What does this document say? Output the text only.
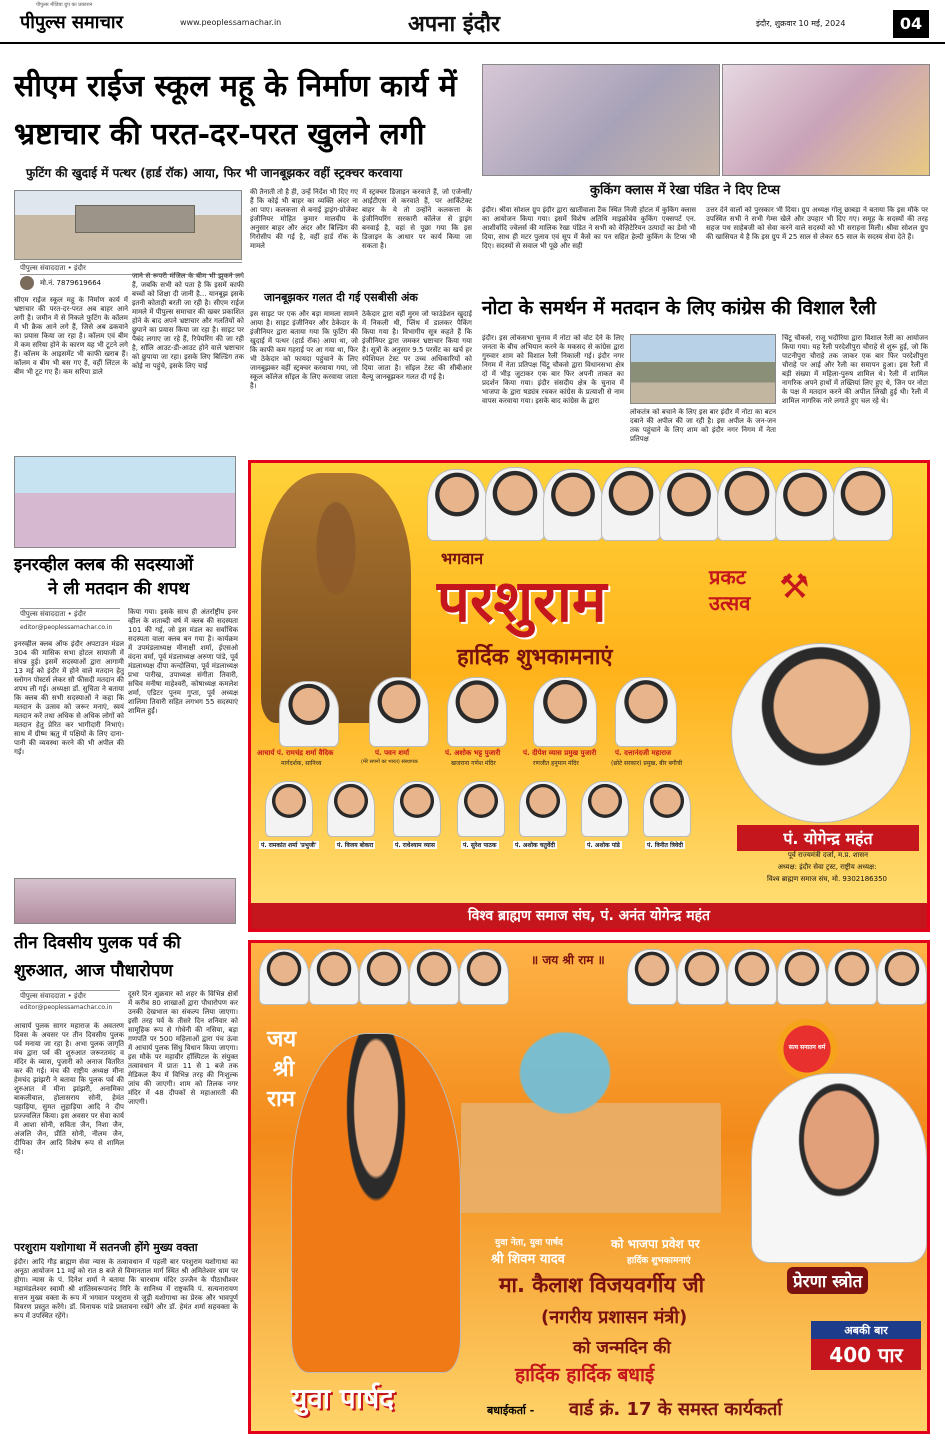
पीपुल्स मीडिया ग्रुप का प्रकाशन
पीपुल्स समाचार	www.peoplessamachar.in	अपना इंदौर	इंदौर, शुक्रवार 10 मई, 2024	04
सीएम राईज स्कूल महू के निर्माण कार्य में
भ्रष्टाचार की परत-दर-परत खुलने लगी
फुटिंग की खुदाई में पत्थर (हार्ड रॉक) आया, फिर भी जानबूझकर वहीं स्ट्रक्चर करवाया
पीपुल्स संवाददाता • इंदौर
मो.नं. 7879619664
सीएम राईज स्कूल महू के निर्माण कार्य में भ्रष्टाचार की परत-दर-परत अब बाहर आने लगी है। जमीन में से निकले फुटिंग के कॉलम में भी क्रैक आने लगे हैं, जिसे अब ढकवाने का प्रयास किया जा रहा है। कॉलम एवं बीम में कम सरिया होने के कारण यह भी टूटने लगे हैं। कॉलम के आइसमेंट भी काफी खराब हैं। कॉलम व बीम भी बस गए हैं, वहीं लिंटल के बीम भी टूट गए हैं। कम सरिया डाले
जाने से रूपरी मंजिल के बीम भी झुकने लगे हैं, जबकि सभी को पता है कि इसमें काफी बच्चों को शिक्षा दी जानी है... यानबूझ इसके इतनी कोताही बरती जा रही है। सीएम राईज मामले में पीपुल्स समाचार की खबर प्रकाशित होने के बाद अपने भ्रष्टाचार और गलतियों को छुपाने का प्रयास किया जा रहा है। साइट पर पैबंद लगाए जा रहे हैं, रिपेयरिंग की जा रही है, साॅलि आउट-डी-आउट होने वाले भ्रष्टाचार को छुपाया जा रहा। इसके लिए बिल्डिंग तक कोई ना पहुंचे, इसके लिए चाई
की तैनाती तो है ही, उन्हें निर्देश भी दिए गए हैं कि कोई भी बाहर का व्यक्ति अंदर ना आ पाए। कलकत्ता से बनाई ड्राइंग-प्रोजेक्ट इंजीनियर मोहित कुमार मालवीय के अनुसार बाहर और अंदर और बिल्डिंग की गिरोसीप की गई है, वहीं हार्ड रॉक के मामले
में स्ट्रक्चर डिजाइन करवाते हैं, जो एजेन्सी/आईटीएस से करवाते हैं, पर आर्किटेक्ट बाहर के ये तो उन्होंने कलकत्ता के इंजीनियरिंग सरकारी कॉलेज से ड्राइंग बनवाई है, वहां से पूछा गया कि इस डिजाइन के आधार पर कार्य किया जा सकता है।
जानबूझकर गलत दी गई एसबीसी अंक
इस साइट पर एक और बड़ा मामला सामने आया है। साइट इंजीनियर और ठेकेदार के इंजीनियर द्वारा बताया गया कि फुटिंग की खुदाई में पत्थर (हार्ड रॉक) आया था, जो कि काफी कम गहराई पर आ गया था, फिर भी ठेकेदार को फायदा पहुंचाने के लिए जानबूझकर वहीं स्ट्रक्चर करवाया गया, जो स्कूल कॉलेज सॉइल के लिए करवाया जाता है।
ठेकेदार द्वारा वहीं मुरम जो फाउंडेशन खुदाई में निकली थी, प्लिंथ में डालकर पैकिंग किया गया है। विभागीय सूत्र कहते हैं कि इंजीनियर द्वारा जमकर भ्रष्टाचार किया गया है। सूत्रों के अनुसार 9.5 परसेंट का खर्च हर स्पेशियल टेस्ट पर उच्च अधिकारियों को दिया जाता है। सॉइल टेस्ट की सीबीआर वैल्यू जानबूझकर गलत दी गई है।
कुकिंग क्लास में रेखा पंडित ने दिए टिप्स
इंदौर। श्रीवा सोशल ग्रुप इंदौर द्वारा खातीवाला टैंक स्थित निजी होटल में कुकिंग क्लास का आयोजन किया गया। इसमें विशेष अतिथि माइक्रोवेव कुकिंग एक्सपर्ट एन. आशीर्वादि ज्वेलर्स की मालिक रेखा पंडित ने सभी को वेज़िटेरियन उत्पादों का डेमो भी दिया, साथ ही मटर पुलाव एवं सूप में कैसे का पन सहित हेल्दी कुकिंग के टिप्स भी दिए। सदस्यों से सवाल भी पूछे और सही
उत्तर देने वालों को पुरस्कार भी दिया। ग्रुप अध्यक्ष गोलू छाबड़ा ने बताया कि इस मौके पर उपस्थित सभी ने सभी गेम्स खेले और उपहार भी दिए गए। समूह के सदस्यों की तरह सहज पथ साहेबजी को सेवा करने वाले सदस्यों को भी सराहना मिली। श्रीवा सोशल ग्रुप की खासियत ये है कि इस ग्रुप में 25 साल से लेकर 65 साल के सदस्य सेवा देते हैं।
नोटा के समर्थन में मतदान के लिए कांग्रेस की विशाल रैली
इंदौर। इस लोकसभा चुनाव में नोटा को वोट देने के लिए जनता के बीच अभियान करने के मकसद से कांग्रेस द्वारा गुरुवार शाम को विशाल रैली निकाली गई। इंदौर नगर निगम में नेता प्रतिपक्ष चिंटू चौकसे द्वारा विधानसभा क्षेत्र दो में भीड़ जुटाकर एक बार फिर अपनी ताकत का प्रदर्शन किया गया। इंदौर संसदीय क्षेत्र के चुनाव में भाजपा के द्वारा षड्यंत्र रचकर कांग्रेस के प्रत्याशी से नाम वापस करवाया गया। इसके बाद कांग्रेस के द्वारा
लोकतंत्र को बचाने के लिए इस बार इंदौर में नोटा का बटन दबाने की अपील की जा रही है। इस अपील के जन-जन तक पहुंचाने के लिए शाम को इंदौर नगर निगम में नेता प्रतिपक्ष
चिंटू चौकसे, राजू भदौरिया द्वारा विशाल रैली का आयोजन किया गया। यह रैली परदेशीपुरा चौराहे से शुरू हुई, जो कि पाटनीपुरा चौराहे तक जाकर एक बार फिर परदेशीपुरा चौराहे पर आई और रैली का समापन हुआ। इस रैली में बड़ी संख्या में महिला-पुरुष शामिल थे। रैली में शामिल नागरिक अपने हाथों में तख्तियां लिए हुए थे, जिन पर नोटा के पक्ष में मतदान करने की अपील लिखी हुई थी। रैली में शामिल नागरिक नारे लगाते हुए चल रहे थे।
इनरव्हील क्लब की सदस्याओं
ने ली मतदान की शपथ
पीपुल्स संवाददाता • इंदौर
editor@peoplessamachar.co.in
इनरव्हील क्लब ऑफ इंदौर अपटाउन मंडल 304 की मासिक सभा होटल सायाजी में संपन्न हुई। इसमें सदस्याओं द्वारा आगामी 13 मई को इंदौर में होने वाले मतदान हेतु स्लोगन पोस्टर्स लेकर सौ फीसदी मतदान की शपथ ली गई। अध्यक्षा डॉ. सुचिता ने बताया कि क्लब की सभी सदस्याओं ने कहा कि मतदान के उत्सव को जरूर मनाएं, स्वयं मतदान करें तथा अधिक से अधिक लोगों को मतदान हेतु प्रेरित कर भागीदारी निभाएं। साथ में ग्रीष्म ऋतु में पक्षियों के लिए दाना-पानी की व्यवस्था करने की भी अपील की गई।
किया गया। इसके साथ ही अंतर्राष्ट्रीय इनर व्हील के शताब्दी वर्ष में क्लब की सदस्यता 101 की गई, जो इस मंडल का सर्वाधिक सदस्यता वाला क्लब बन गया है। कार्यक्रम में उपमंडलाध्यक्ष मीनाक्षी शर्मा, ईएसओ वंदना वर्मा, पूर्व मंडलाध्यक्ष अरुणा पांडे, पूर्व मंडलाध्यक्ष दीपा कन्दोलिया, पूर्व मंडलाध्यक्ष प्रभा पारीख, उपाध्यक्ष संगीता तिवारी, सचिव मनीषा माहेश्वरी, कोषाध्यक्ष कमलेश शर्मा, एडिटर पूनम गुप्ता, पूर्व अध्यक्ष शालिमा तिवारी सहित लगभग 55 सदस्याएं शामिल हुईं।
तीन दिवसीय पुलक पर्व की
शुरुआत, आज पौधारोपण
पीपुल्स संवाददाता • इंदौर
editor@peoplessamachar.co.in
आचार्य पुलक सागर महाराज के अवतरण दिवस के अवसर पर तीन दिवसीय पुलक पर्व मनाया जा रहा है। अभा पुलक जागृति मंच द्वारा पर्व की शुरुआत जरूरतमंद व मंदिर के व्यास, पुजारी को अनाज वितरित कर की गई। मंच की राष्ट्रीय अध्यक्ष मीना हेमचंद झांझरी ने बताया कि पुलक पर्व की शुरुआत में मीना झांझरी, अनामिका बाकलीवाल, होलासराय सोनी, हेमंत पहाड़िया, सुमत लुहाड़िया आदि ने दीप प्रज्ज्वलित किया। इस अवसर पर सेवा कार्य में आशा सोनी, सविता जैन, निशा जैन, अंजलि जैन, प्रीति सोनी, नीलम जैन, दीपिका जैन आदि विशेष रूप से शामिल रहे।
दूसरे दिन शुक्रवार को शहर के विभिन्न क्षेत्रों में करीब 80 शाखाओं द्वारा पौधारोपण कर उनकी देखभाल का संकल्प लिया जाएगा। इसी तरह पर्व के तीसरे दिन शनिवार को सामूहिक रूप से गोधेनी की नसिया, बड़ा गणपति पर 500 महिलाओं द्वारा पंच ऊंवा में आचार्य पुलक सिंधु विधान किया जाएगा। इस मौके पर महावीर हॉस्पिटल के संयुक्त तत्वावधान में प्रातः 11 से 1 बजे तक मेडिकल कैंप में विभिन्न तरह की निःशुल्क जांच की जाएगी। शाम को तिलक नगर मंदिर में 48 दीपकों से महाआरती की जाएगी।
परशुराम यशोगाथा में सतनजी होंगे मुख्य वक्ता
इंदौर। आदि गौड़ ब्राह्मण सेवा न्यास के तत्वावधान में पहली बार परशुराम यशोगाथा का अनूठा आयोजन 11 मई को रात 8 बजे से विमानताल मार्ग स्थित श्री अमितेश्वर धाम पर होगा। न्यास के पं. दिनेश शर्मा ने बताया कि चारधाम मंदिर उज्जैन के पीठाधीश्वर महामंडलेश्वर स्वामी श्री शांतिस्वरूपानंद गिरि के सानिध्य में राष्ट्रकवि पं. सत्यनारायण सत्तन मुख्य वक्ता के रूप में भगवान परशुराम से जुड़ी यशोगाथा का प्रेरक और भावपूर्ण विवरण प्रस्तुत करेंगे। डॉ. विनायक पांडे प्रस्तावना रखेंगे और डॉ. हेमंत शर्मा सहवक्ता के रूप में उपस्थित रहेंगे।
भगवान
परशुराम	प्रकट
उत्सव ⚒
हार्दिक शुभकामनाएं
आचार्य पं. रामचंद्र शर्मा वैदिक
मार्गदर्शक, सानिध्य
पं. पवन शर्मा
(मेरे सपनों का भारत) संस्थापक
पं. अशोक भट्ट पुजारी
खजराना गणेश मंदिर
पं. दीपेश व्यास प्रमुख पुजारी
रणजीत हनुमान मंदिर
पं. दत्तानंदजी महाराज
(छोटे सरकार) प्रमुख, बीर बगीची
पं. रामकांत शर्मा 'प्रभुजी'	पं. विजय बोकरा	पं. राधेश्याम व्यास	पं. सुरेश पाठक	पं. अशोक चतुर्वेदी	पं. अशोक पांडे	पं. विनीत त्रिवेदी	पं. योगेन्द्र महंत
पूर्व राज्यमंत्री दर्जा, म.प्र. शासन
अध्यक्ष: इंदौर सेवा ट्रस्ट, राष्ट्रीय अध्यक्ष:
विश्व ब्राह्मण समाज संघ, मो. 9302186350
विश्व ब्राह्मण समाज संघ, पं. अनंत योगेन्द्र महंत
॥ जय श्री राम ॥
जय
श्री
राम
सत्य सनातन धर्म
युवा नेता, युवा पार्षद
श्री शिवम यादव
को भाजपा प्रवेश पर
हार्दिक शुभकामनाएं
मा. कैलाश विजयवर्गीय जी	प्रेरणा स्त्रोत
(नगरीय प्रशासन मंत्री)
को जन्मदिन की
हार्दिक हार्दिक बधाई
अबकी बार
400 पार
युवा पार्षद	बधाईकर्ता - वार्ड क्रं. 17 के समस्त कार्यकर्ता
